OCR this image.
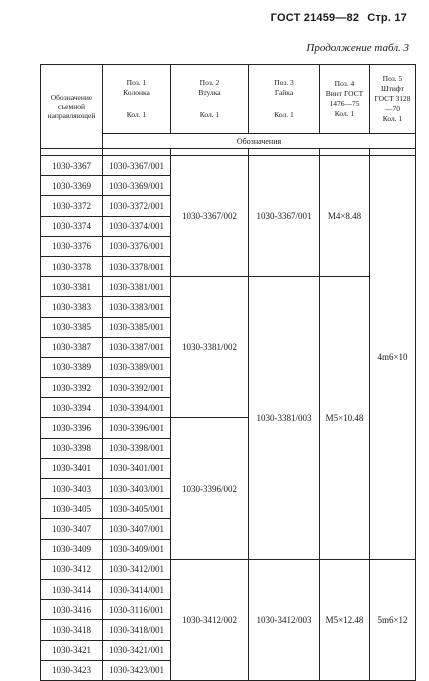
ГОСТ 21459—82 Стр. 17
Продолжение табл. 3
Обозначение съемной направляющей	Поз. 1
Колонка
Кол. 1	Поз. 2
Втулка
Кол. 1	Поз. 3
Гайка
Кол. 1	Поз. 4
Винт ГОСТ 1476—75
Кол. 1	Поз. 5
Штифт ГОСТ 3128—70
Кол. 1
	Обозначения				

1030-3367	1030-3367/001	1030-3367/002	1030-3367/001	M4×8.48	4m6×10
1030-3369	1030-3369/001				
1030-3372	1030-3372/001				
1030-3374	1030-3374/001				
1030-3376	1030-3376/001				
1030-3378	1030-3378/001				
1030-3381	1030-3381/001	1030-3381/002	1030-3381/003	M5×10.48	
1030-3383	1030-3383/001				
1030-3385	1030-3385/001				
1030-3387	1030-3387/001				
1030-3389	1030-3389/001				
1030-3392	1030-3392/001				
1030-3394	1030-3394/001				
1030-3396	1030-3396/001	1030-3396/002			
1030-3398	1030-3398/001				
1030-3401	1030-3401/001				
1030-3403	1030-3403/001				
1030-3405	1030-3405/001				
1030-3407	1030-3407/001				
1030-3409	1030-3409/001				
1030-3412	1030-3412/001	1030-3412/002	1030-3412/003	M5×12.48	5m6×12
1030-3414	1030-3414/001				
1030-3416	1030-3116/001				
1030-3418	1030-3418/001				
1030-3421	1030-3421/001				
1030-3423	1030-3423/001				
